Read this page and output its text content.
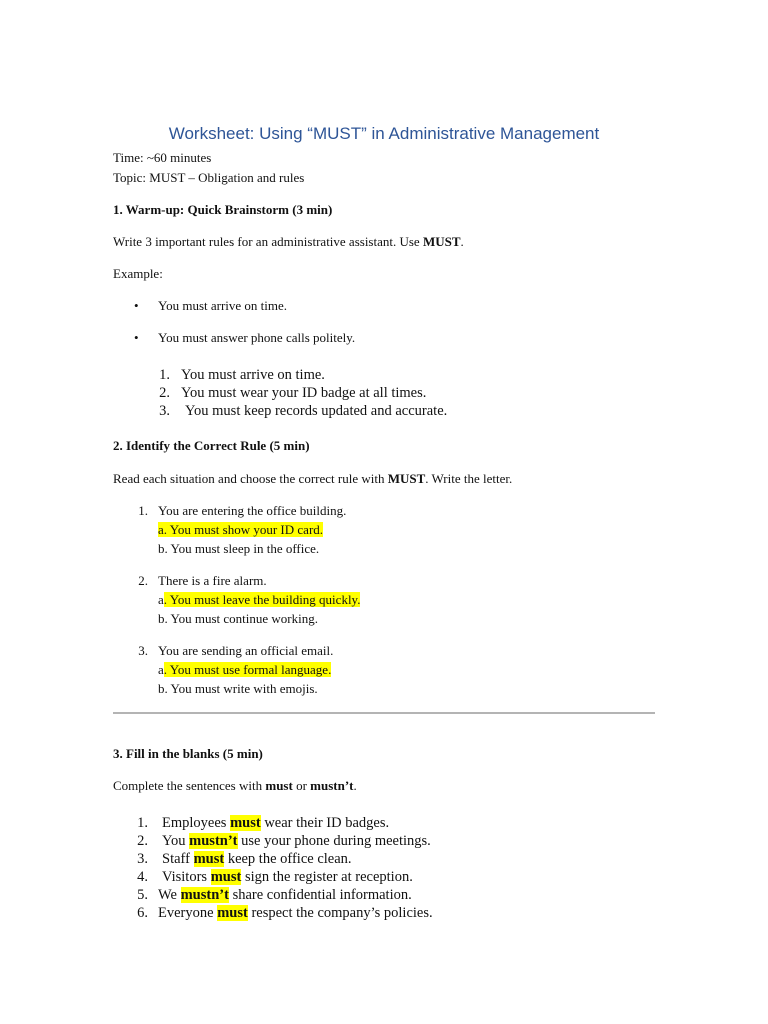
Worksheet: Using “MUST” in Administrative Management
Time: ~60 minutes
Topic: MUST – Obligation and rules
1. Warm-up: Quick Brainstorm (3 min)
Write 3 important rules for an administrative assistant. Use MUST.
Example:
• You must arrive on time.
• You must answer phone calls politely.
1. You must arrive on time.
2. You must wear your ID badge at all times.
3. You must keep records updated and accurate.
2. Identify the Correct Rule (5 min)
Read each situation and choose the correct rule with MUST. Write the letter.
1. You are entering the office building.
a. You must show your ID card.
b. You must sleep in the office.
2. There is a fire alarm.
a. You must leave the building quickly.
b. You must continue working.
3. You are sending an official email.
a. You must use formal language.
b. You must write with emojis.
3. Fill in the blanks (5 min)
Complete the sentences with must or mustn’t.
1. Employees must wear their ID badges.
2. You mustn’t use your phone during meetings.
3. Staff must keep the office clean.
4. Visitors must sign the register at reception.
5. We mustn’t share confidential information.
6. Everyone must respect the company’s policies.
